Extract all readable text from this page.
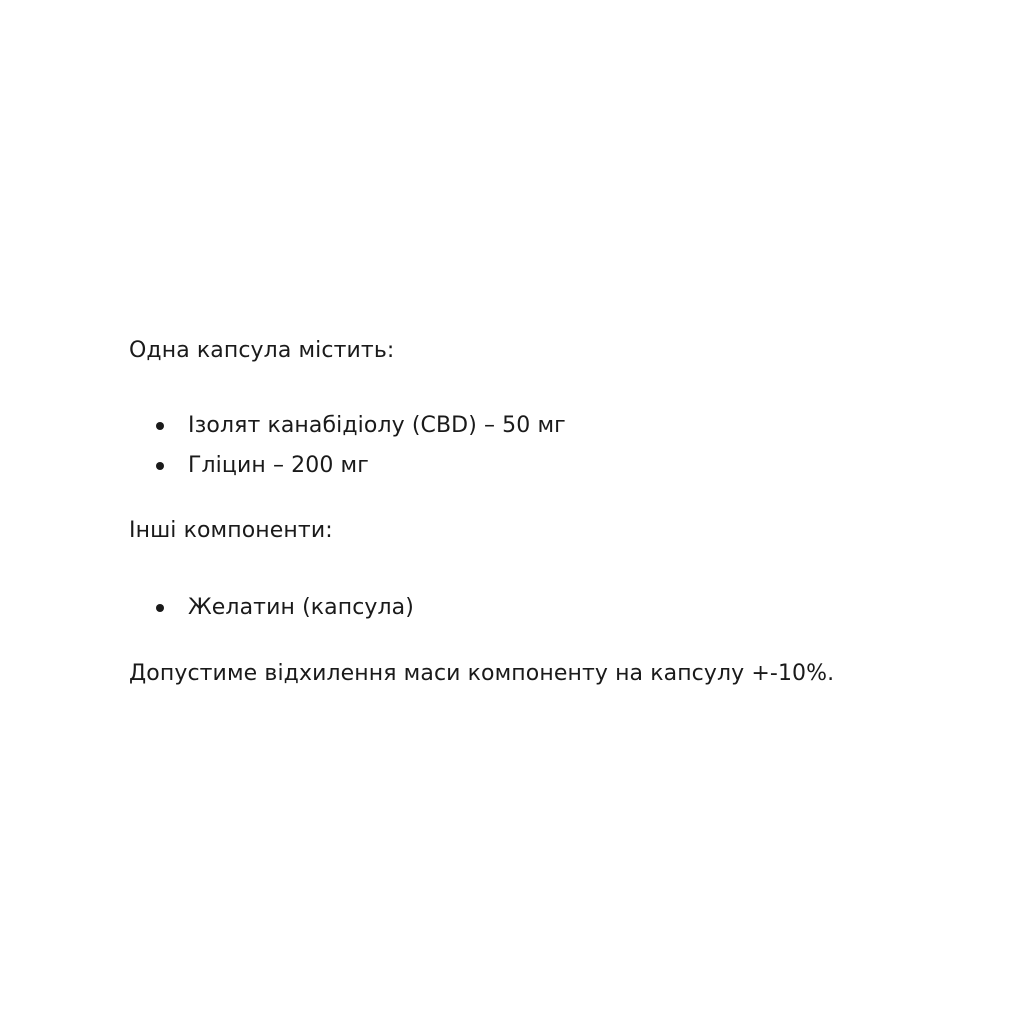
Одна капсула містить:

Ізолят канабідіолу (CBD) – 50 мг
Гліцин – 200 мг

Інші компоненти:

Желатин (капсула)

Допустиме відхилення маси компоненту на капсулу +-10%.
